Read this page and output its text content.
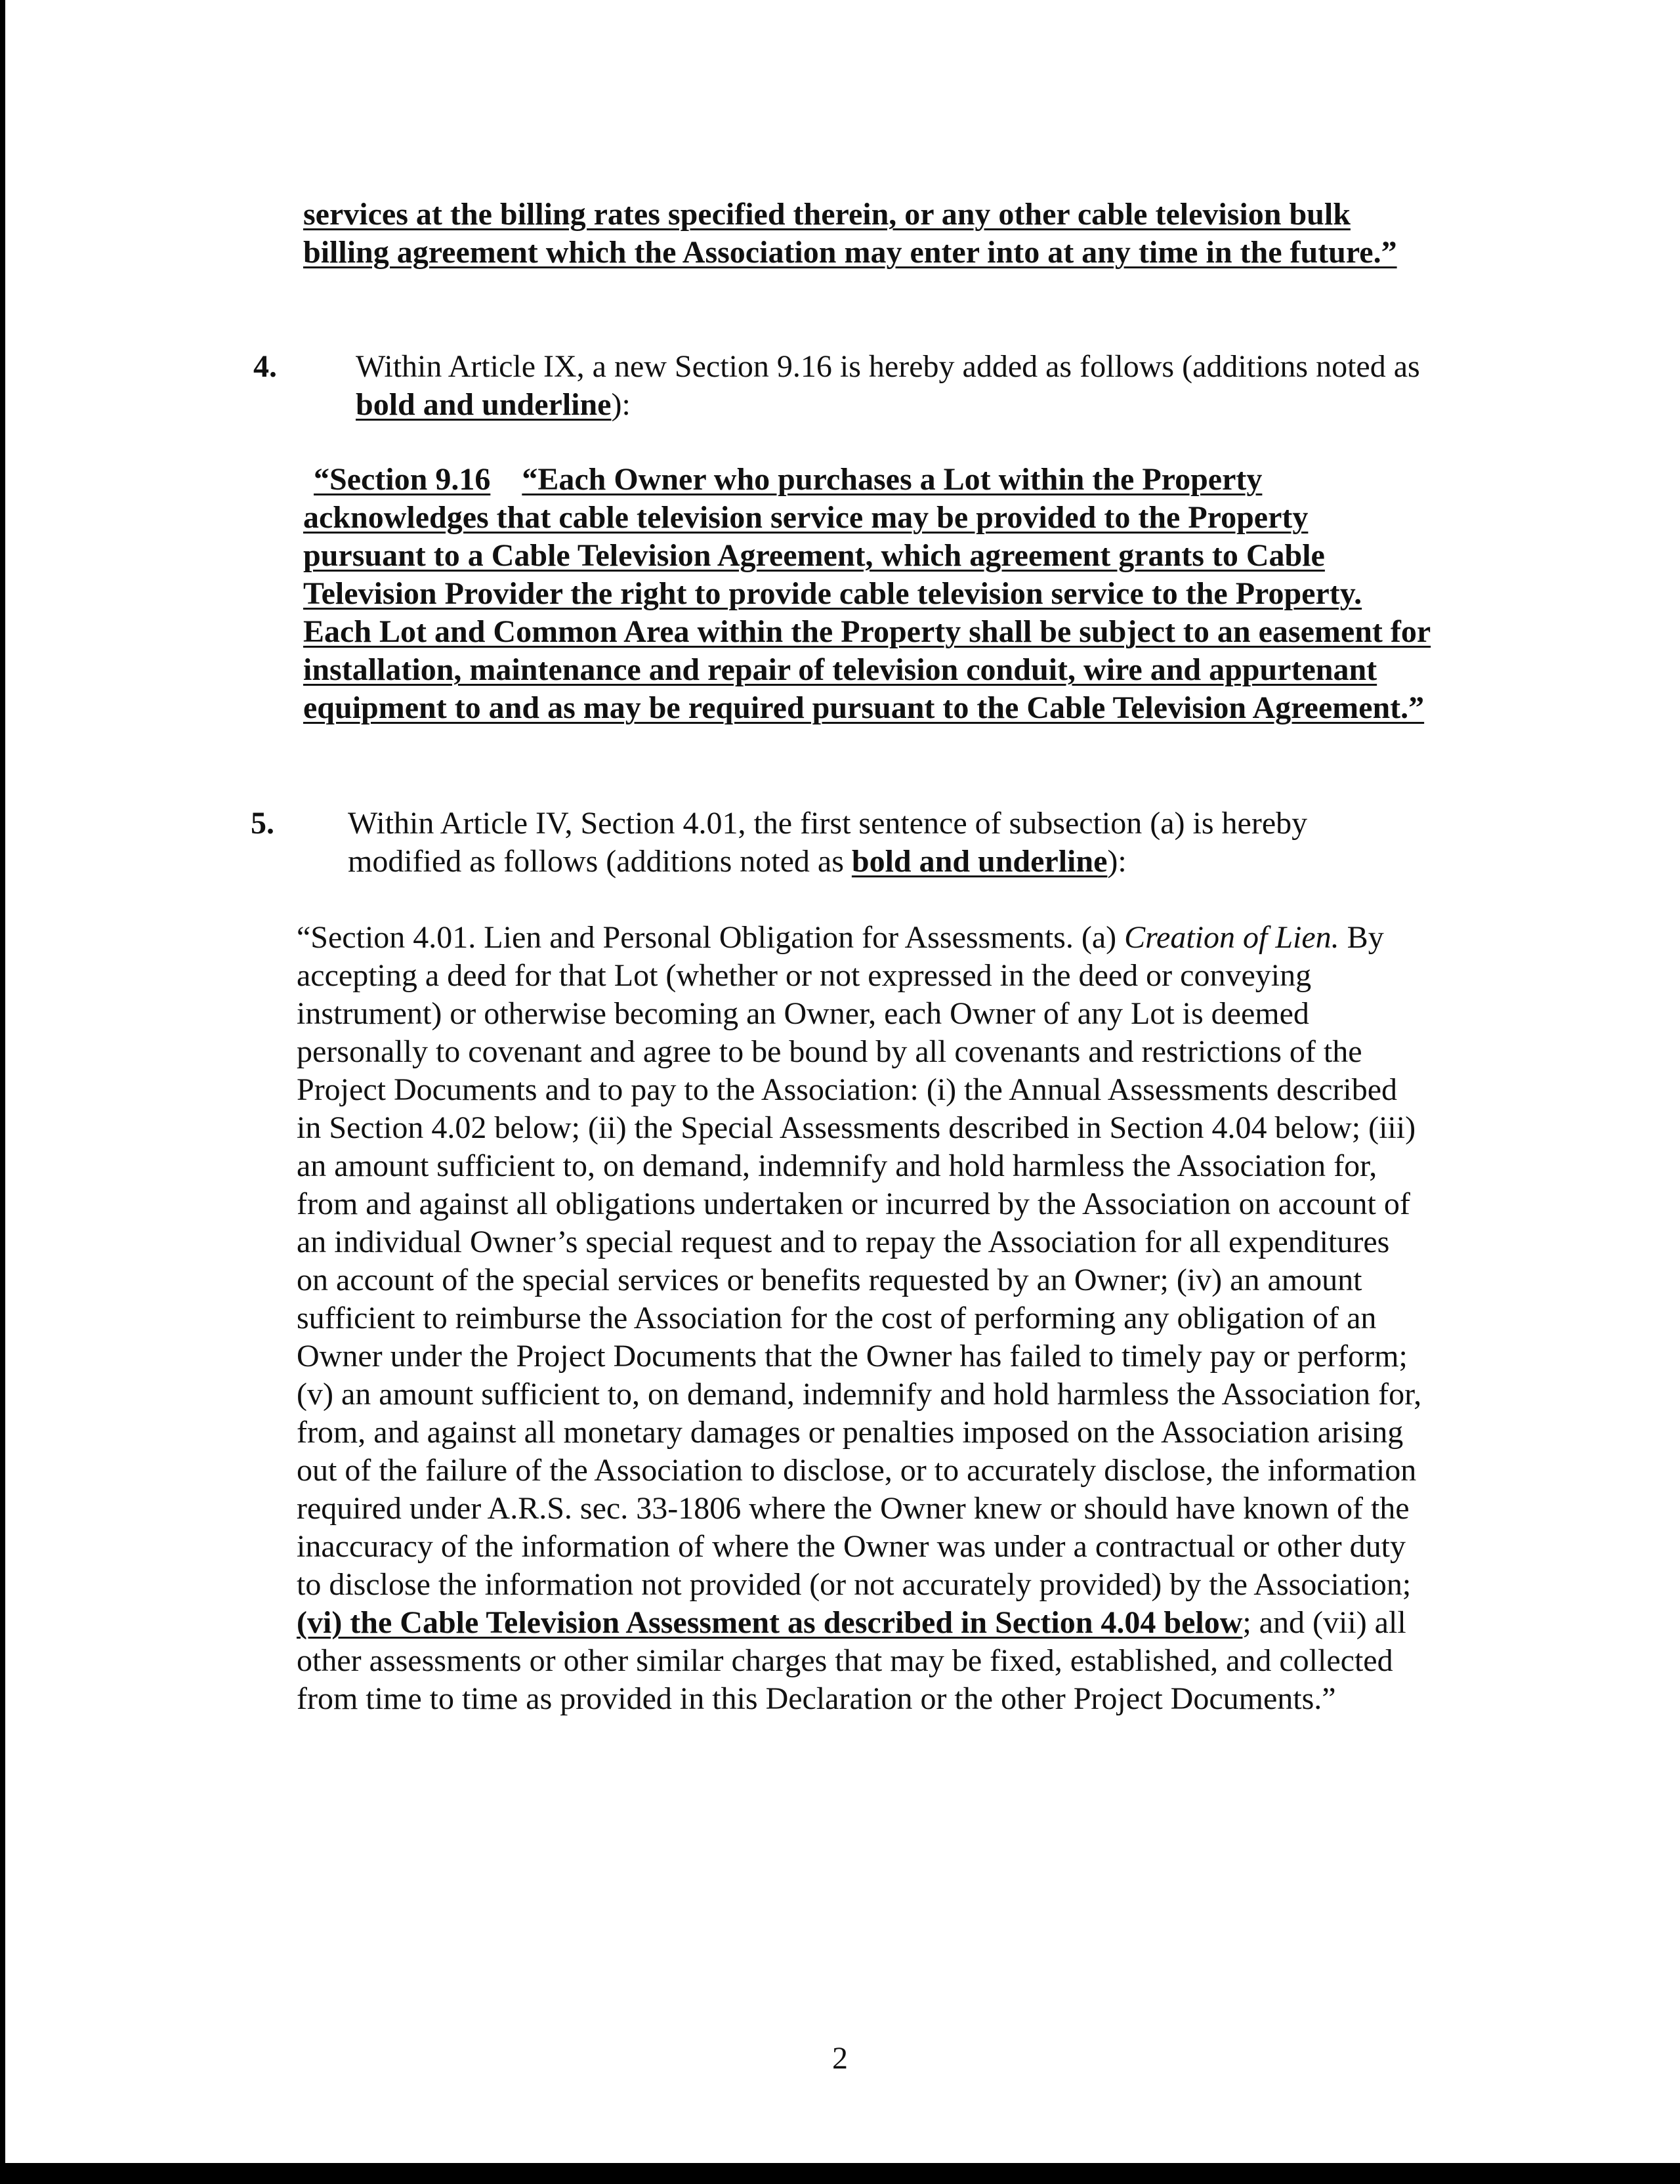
services at the billing rates specified therein, or any other cable television bulk
billing agreement which the Association may enter into at any time in the future.”
4.	Within Article IX, a new Section 9.16 is hereby added as follows (additions noted as
bold and underline):
“Section 9.16 “Each Owner who purchases a Lot within the Property
acknowledges that cable television service may be provided to the Property
pursuant to a Cable Television Agreement, which agreement grants to Cable
Television Provider the right to provide cable television service to the Property.
Each Lot and Common Area within the Property shall be subject to an easement for
installation, maintenance and repair of television conduit, wire and appurtenant
equipment to and as may be required pursuant to the Cable Television Agreement.”
5. Within Article IV, Section 4.01, the first sentence of subsection (a) is hereby
modified as follows (additions noted as bold and underline):
“Section 4.01. Lien and Personal Obligation for Assessments. (a) Creation of Lien. By
accepting a deed for that Lot (whether or not expressed in the deed or conveying
instrument) or otherwise becoming an Owner, each Owner of any Lot is deemed
personally to covenant and agree to be bound by all covenants and restrictions of the
Project Documents and to pay to the Association: (i) the Annual Assessments described
in Section 4.02 below; (ii) the Special Assessments described in Section 4.04 below; (iii)
an amount sufficient to, on demand, indemnify and hold harmless the Association for,
from and against all obligations undertaken or incurred by the Association on account of
an individual Owner’s special request and to repay the Association for all expenditures
on account of the special services or benefits requested by an Owner; (iv) an amount
sufficient to reimburse the Association for the cost of performing any obligation of an
Owner under the Project Documents that the Owner has failed to timely pay or perform;
(v) an amount sufficient to, on demand, indemnify and hold harmless the Association for,
from, and against all monetary damages or penalties imposed on the Association arising
out of the failure of the Association to disclose, or to accurately disclose, the information
required under A.R.S. sec. 33-1806 where the Owner knew or should have known of the
inaccuracy of the information of where the Owner was under a contractual or other duty
to disclose the information not provided (or not accurately provided) by the Association;
(vi) the Cable Television Assessment as described in Section 4.04 below; and (vii) all
other assessments or other similar charges that may be fixed, established, and collected
from time to time as provided in this Declaration or the other Project Documents.”
2
